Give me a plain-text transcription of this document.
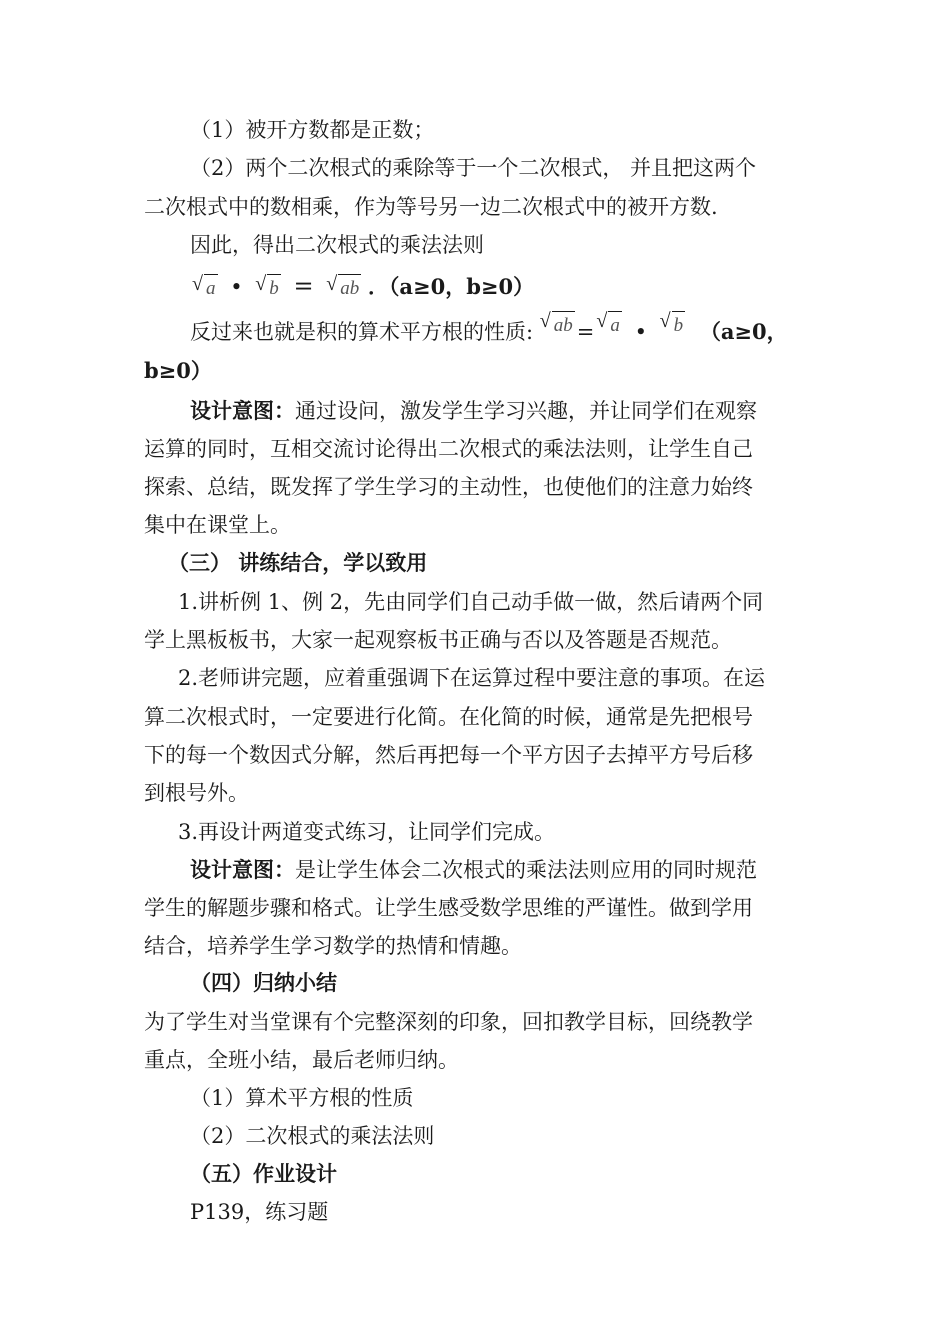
（1）被开方数都是正数；
（2）两个二次根式的乘除等于一个二次根式， 并且把这两个
二次根式中的数相乘，作为等号另一边二次根式中的被开方数.
因此，得出二次根式的乘法法则
√ a • √ b = √ ab ．（a≥0，b≥0）
反过来也就是积的算术平方根的性质: √ ab = √ a • √ b （a≥0，
b≥0）
设计意图：通过设问，激发学生学习兴趣，并让同学们在观察
运算的同时，互相交流讨论得出二次根式的乘法法则，让学生自己
探索、总结，既发挥了学生学习的主动性，也使他们的注意力始终
集中在课堂上。
（三） 讲练结合，学以致用
1.讲析例 1、例 2，先由同学们自己动手做一做，然后请两个同
学上黑板板书，大家一起观察板书正确与否以及答题是否规范。
2.老师讲完题，应着重强调下在运算过程中要注意的事项。在运
算二次根式时，一定要进行化简。在化简的时候，通常是先把根号
下的每一个数因式分解，然后再把每一个平方因子去掉平方号后移
到根号外。
3.再设计两道变式练习，让同学们完成。
设计意图：是让学生体会二次根式的乘法法则应用的同时规范
学生的解题步骤和格式。让学生感受数学思维的严谨性。做到学用
结合，培养学生学习数学的热情和情趣。
（四）归纳小结
为了学生对当堂课有个完整深刻的印象，回扣教学目标，回绕教学
重点，全班小结，最后老师归纳。
（1）算术平方根的性质
（2）二次根式的乘法法则
（五）作业设计
P139，练习题
